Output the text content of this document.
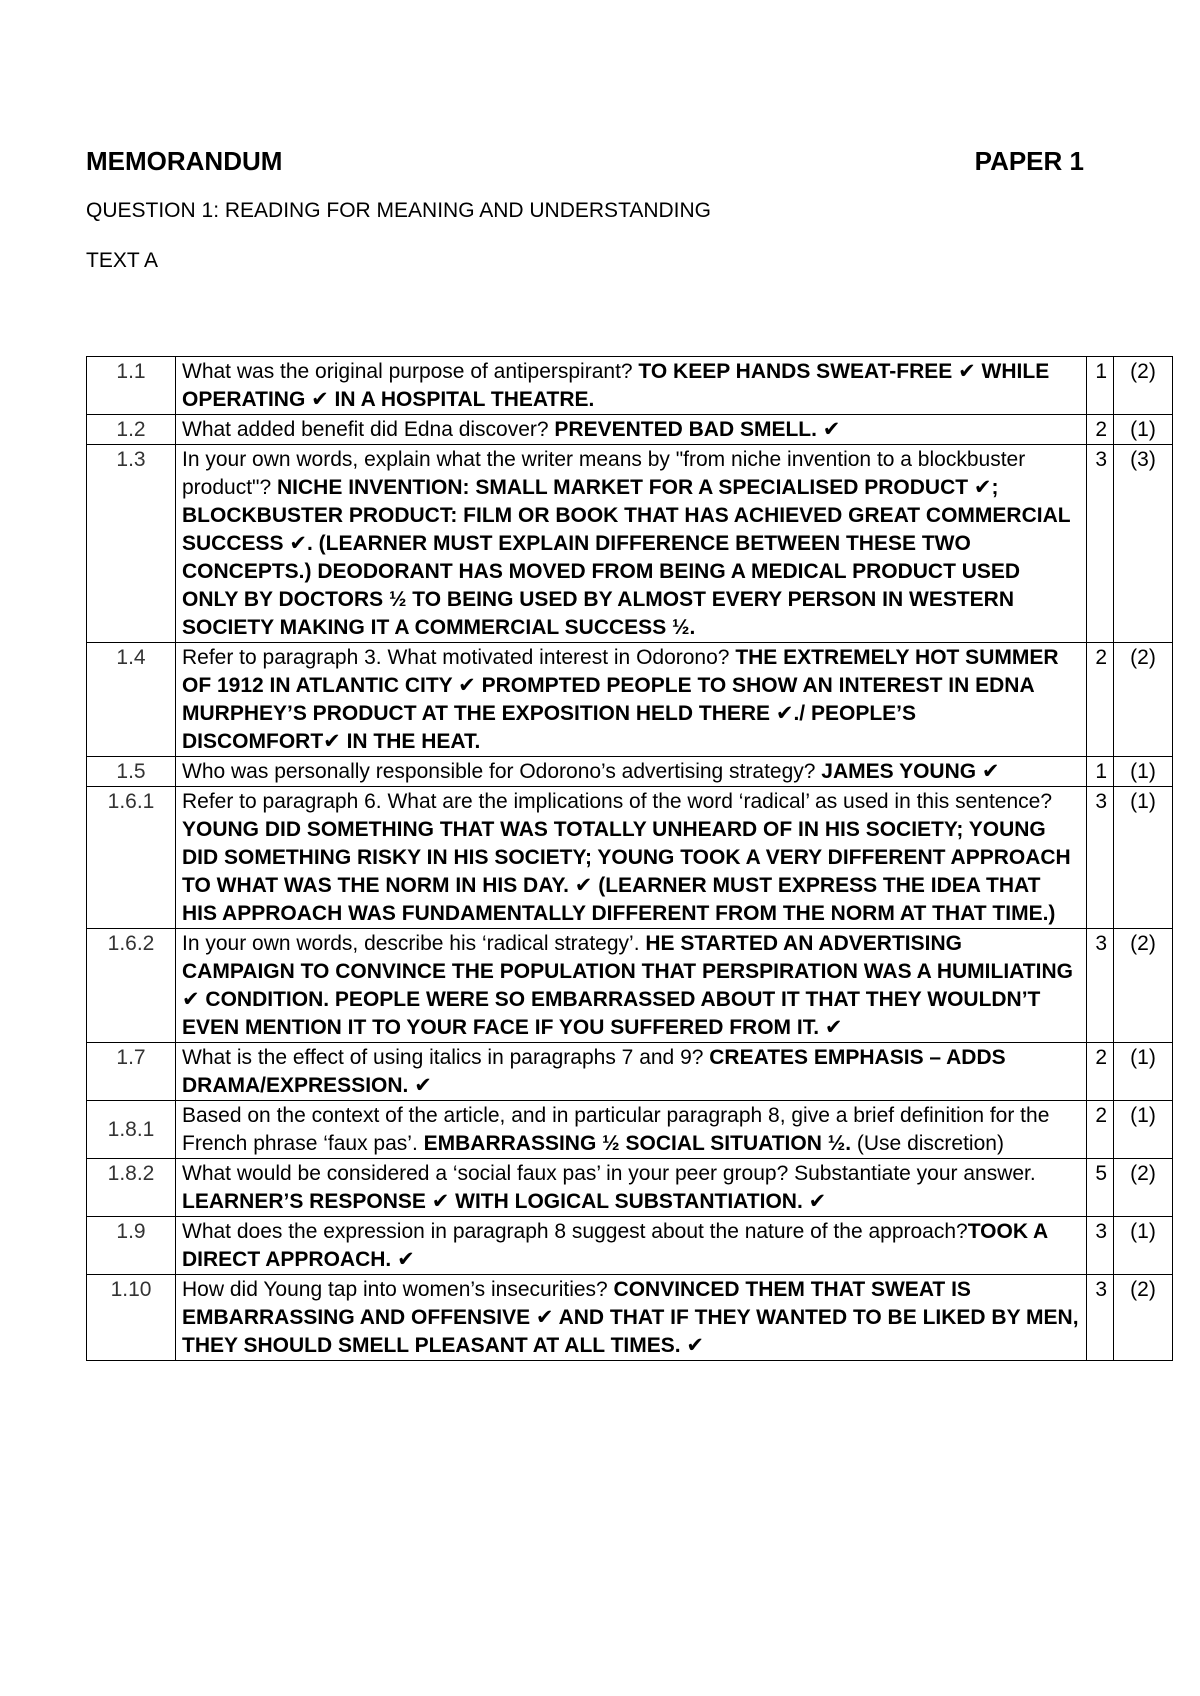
MEMORANDUM	PAPER 1
QUESTION 1: READING FOR MEANING AND UNDERSTANDING
TEXT A
1.1	What was the original purpose of antiperspirant? TO KEEP HANDS SWEAT-FREE ✔ WHILE OPERATING ✔ IN A HOSPITAL THEATRE.	1	(2)
1.2	What added benefit did Edna discover? PREVENTED BAD SMELL. ✔	2	(1)
1.3	In your own words, explain what the writer means by "from niche invention to a blockbuster product"? NICHE INVENTION: SMALL MARKET FOR A SPECIALISED PRODUCT ✔; BLOCKBUSTER PRODUCT: FILM OR BOOK THAT HAS ACHIEVED GREAT COMMERCIAL SUCCESS ✔. (LEARNER MUST EXPLAIN DIFFERENCE BETWEEN THESE TWO CONCEPTS.) DEODORANT HAS MOVED FROM BEING A MEDICAL PRODUCT USED ONLY BY DOCTORS ½ TO BEING USED BY ALMOST EVERY PERSON IN WESTERN SOCIETY MAKING IT A COMMERCIAL SUCCESS ½.	3	(3)
1.4	Refer to paragraph 3. What motivated interest in Odorono? THE EXTREMELY HOT SUMMER OF 1912 IN ATLANTIC CITY ✔ PROMPTED PEOPLE TO SHOW AN INTEREST IN EDNA MURPHEY’S PRODUCT AT THE EXPOSITION HELD THERE ✔./ PEOPLE’S DISCOMFORT✔ IN THE HEAT.	2	(2)
1.5	Who was personally responsible for Odorono’s advertising strategy? JAMES YOUNG ✔	1	(1)
1.6.1	Refer to paragraph 6. What are the implications of the word ‘radical’ as used in this sentence? YOUNG DID SOMETHING THAT WAS TOTALLY UNHEARD OF IN HIS SOCIETY; YOUNG DID SOMETHING RISKY IN HIS SOCIETY; YOUNG TOOK A VERY DIFFERENT APPROACH TO WHAT WAS THE NORM IN HIS DAY. ✔ (LEARNER MUST EXPRESS THE IDEA THAT HIS APPROACH WAS FUNDAMENTALLY DIFFERENT FROM THE NORM AT THAT TIME.)	3	(1)
1.6.2	In your own words, describe his ‘radical strategy’. HE STARTED AN ADVERTISING CAMPAIGN TO CONVINCE THE POPULATION THAT PERSPIRATION WAS A HUMILIATING ✔ CONDITION. PEOPLE WERE SO EMBARRASSED ABOUT IT THAT THEY WOULDN’T EVEN MENTION IT TO YOUR FACE IF YOU SUFFERED FROM IT. ✔	3	(2)
1.7	What is the effect of using italics in paragraphs 7 and 9? CREATES EMPHASIS – ADDS DRAMA/EXPRESSION. ✔	2	(1)
1.8.1	Based on the context of the article, and in particular paragraph 8, give a brief definition for the French phrase ‘faux pas’. EMBARRASSING ½ SOCIAL SITUATION ½. (Use discretion)	2	(1)
1.8.2	What would be considered a ‘social faux pas’ in your peer group? Substantiate your answer. LEARNER’S RESPONSE ✔ WITH LOGICAL SUBSTANTIATION. ✔	5	(2)
1.9	What does the expression in paragraph 8 suggest about the nature of the approach?TOOK A DIRECT APPROACH. ✔	3	(1)
1.10	How did Young tap into women’s insecurities? CONVINCED THEM THAT SWEAT IS EMBARRASSING AND OFFENSIVE ✔ AND THAT IF THEY WANTED TO BE LIKED BY MEN, THEY SHOULD SMELL PLEASANT AT ALL TIMES. ✔	3	(2)
